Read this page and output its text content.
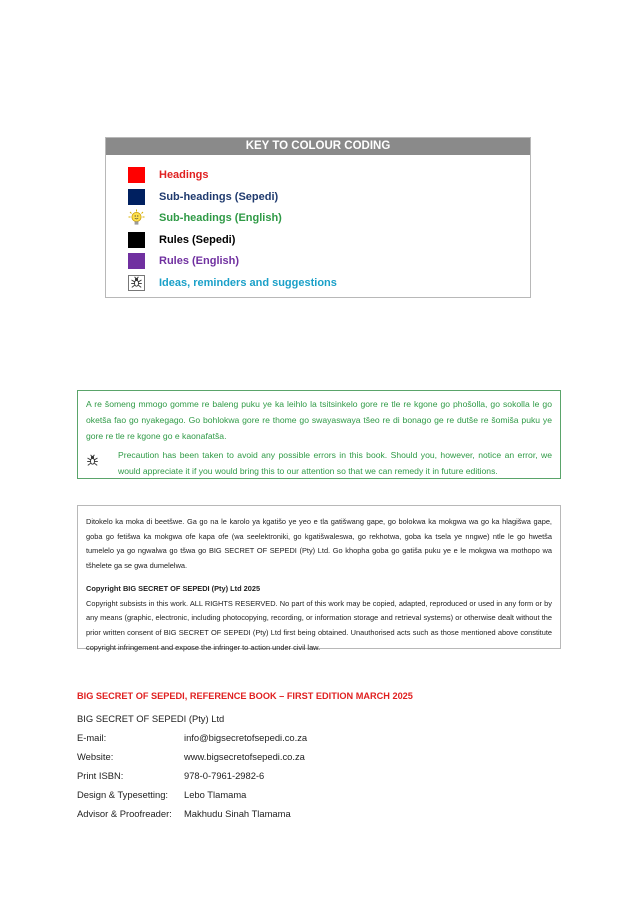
KEY TO COLOUR CODING
Headings
Sub-headings (Sepedi)
Sub-headings (English)
Rules (Sepedi)
Rules (English)
Ideas, reminders and suggestions

A re šomeng mmogo gomme re baleng puku ye ka leihlo la tsitsinkelo gore re tle re kgone go phošolla, go sokolla le go oketša fao go nyakegago. Go bohlokwa gore re thome go swayaswaya tšeo re di bonago ge re dutše re šomiša puku ye gore re tle re kgone go e kaonafatša.

Precaution has been taken to avoid any possible errors in this book. Should you, however, notice an error, we would appreciate it if you would bring this to our attention so that we can remedy it in future editions.

Ditokelo ka moka di beetšwe. Ga go na le karolo ya kgatišo ye yeo e tla gatišwang gape, go bolokwa ka mokgwa wa go ka hlagišwa gape, goba go fetišwa ka mokgwa ofe kapa ofe (wa seelektroniki, go kgatišwaleswa, go rekhotwa, goba ka tsela ye nngwe) ntle le go hwetša tumelelo ya go ngwalwa go tšwa go BIG SECRET OF SEPEDI (Pty) Ltd. Go khopha goba go gatiša puku ye e le mokgwa wa mothopo wa tšhelete ga se gwa dumelelwa.

Copyright BIG SECRET OF SEPEDI (Pty) Ltd 2025

Copyright subsists in this work. ALL RIGHTS RESERVED. No part of this work may be copied, adapted, reproduced or used in any form or by any means (graphic, electronic, including photocopying, recording, or information storage and retrieval systems) or otherwise dealt without the prior written consent of BIG SECRET OF SEPEDI (Pty) Ltd first being obtained. Unauthorised acts such as those mentioned above constitute copyright infringement and expose the infringer to action under civil law.

BIG SECRET OF SEPEDI, REFERENCE BOOK – FIRST EDITION MARCH 2025
BIG SECRET OF SEPEDI (Pty) Ltd
E-mail:	info@bigsecretofsepedi.co.za
Website:	www.bigsecretofsepedi.co.za
Print ISBN:	978-0-7961-2982-6
Design & Typesetting: Lebo Tlamama
Advisor & Proofreader: Makhudu Sinah Tlamama
